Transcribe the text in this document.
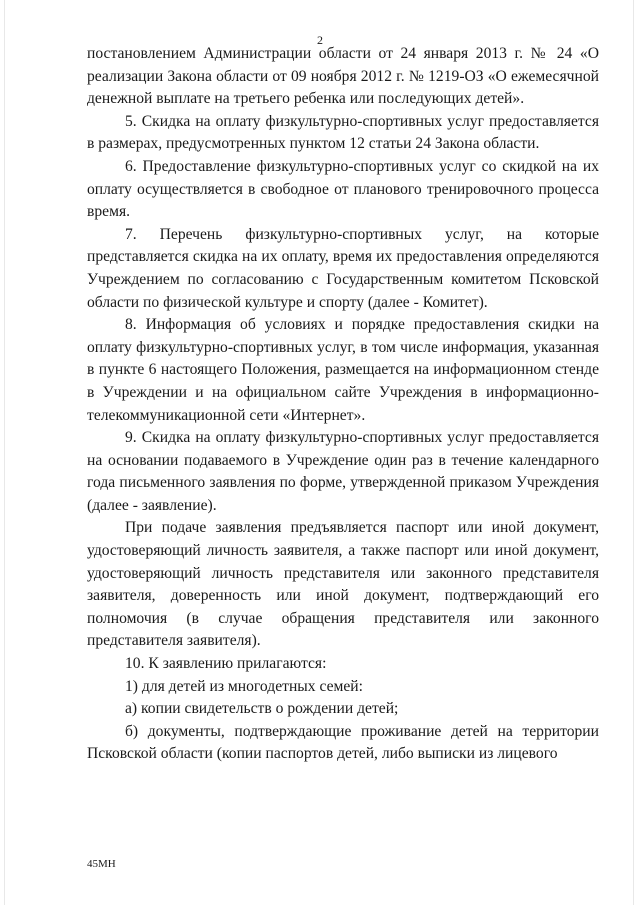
2

постановлением Администрации области от 24 января 2013 г. № 24 «О реализации Закона области от 09 ноября 2012 г. № 1219-ОЗ «О ежемесячной денежной выплате на третьего ребенка или последующих детей».

5. Скидка на оплату физкультурно-спортивных услуг предоставляется в размерах, предусмотренных пунктом 12 статьи 24 Закона области.

6. Предоставление физкультурно-спортивных услуг со скидкой на их оплату осуществляется в свободное от планового тренировочного процесса время.

7. Перечень физкультурно-спортивных услуг, на которые представляется скидка на их оплату, время их предоставления определяются Учреждением по согласованию с Государственным комитетом Псковской области по физической культуре и спорту (далее - Комитет).

8. Информация об условиях и порядке предоставления скидки на оплату физкультурно-спортивных услуг, в том числе информация, указанная в пункте 6 настоящего Положения, размещается на информационном стенде в Учреждении и на официальном сайте Учреждения в информационно-телекоммуникационной сети «Интернет».

9. Скидка на оплату физкультурно-спортивных услуг предоставляется на основании подаваемого в Учреждение один раз в течение календарного года письменного заявления по форме, утвержденной приказом Учреждения (далее - заявление).

При подаче заявления предъявляется паспорт или иной документ, удостоверяющий личность заявителя, а также паспорт или иной документ, удостоверяющий личность представителя или законного представителя заявителя, доверенность или иной документ, подтверждающий его полномочия (в случае обращения представителя или законного представителя заявителя).

10. К заявлению прилагаются:

1) для детей из многодетных семей:

а) копии свидетельств о рождении детей;

б) документы, подтверждающие проживание детей на территории Псковской области (копии паспортов детей, либо выписки из лицевого

45МН
